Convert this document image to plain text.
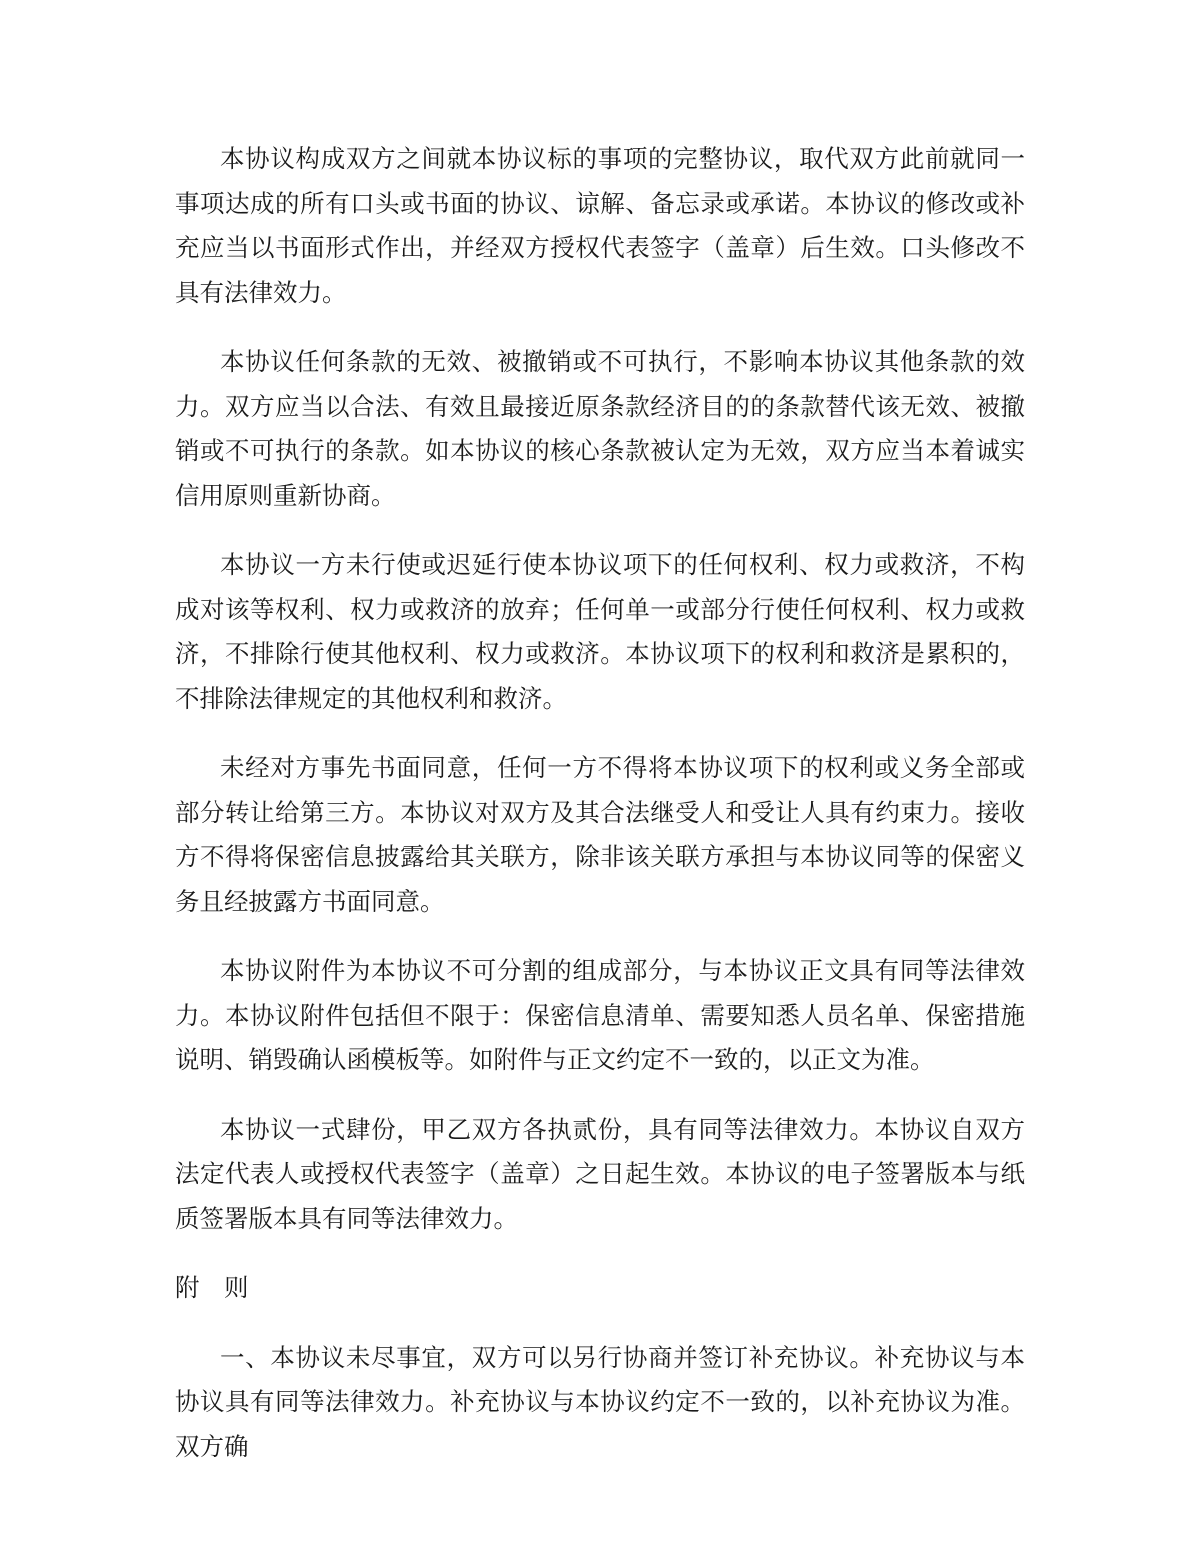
本协议构成双方之间就本协议标的事项的完整协议，取代双方此前就同一事项达成的所有口头或书面的协议、谅解、备忘录或承诺。本协议的修改或补充应当以书面形式作出，并经双方授权代表签字（盖章）后生效。口头修改不具有法律效力。

本协议任何条款的无效、被撤销或不可执行，不影响本协议其他条款的效力。双方应当以合法、有效且最接近原条款经济目的的条款替代该无效、被撤销或不可执行的条款。如本协议的核心条款被认定为无效，双方应当本着诚实信用原则重新协商。

本协议一方未行使或迟延行使本协议项下的任何权利、权力或救济，不构成对该等权利、权力或救济的放弃；任何单一或部分行使任何权利、权力或救济，不排除行使其他权利、权力或救济。本协议项下的权利和救济是累积的，不排除法律规定的其他权利和救济。

未经对方事先书面同意，任何一方不得将本协议项下的权利或义务全部或部分转让给第三方。本协议对双方及其合法继受人和受让人具有约束力。接收方不得将保密信息披露给其关联方，除非该关联方承担与本协议同等的保密义务且经披露方书面同意。

本协议附件为本协议不可分割的组成部分，与本协议正文具有同等法律效力。本协议附件包括但不限于：保密信息清单、需要知悉人员名单、保密措施说明、销毁确认函模板等。如附件与正文约定不一致的，以正文为准。

本协议一式肆份，甲乙双方各执贰份，具有同等法律效力。本协议自双方法定代表人或授权代表签字（盖章）之日起生效。本协议的电子签署版本与纸质签署版本具有同等法律效力。

附　则

一、本协议未尽事宜，双方可以另行协商并签订补充协议。补充协议与本协议具有同等法律效力。补充协议与本协议约定不一致的，以补充协议为准。双方确
